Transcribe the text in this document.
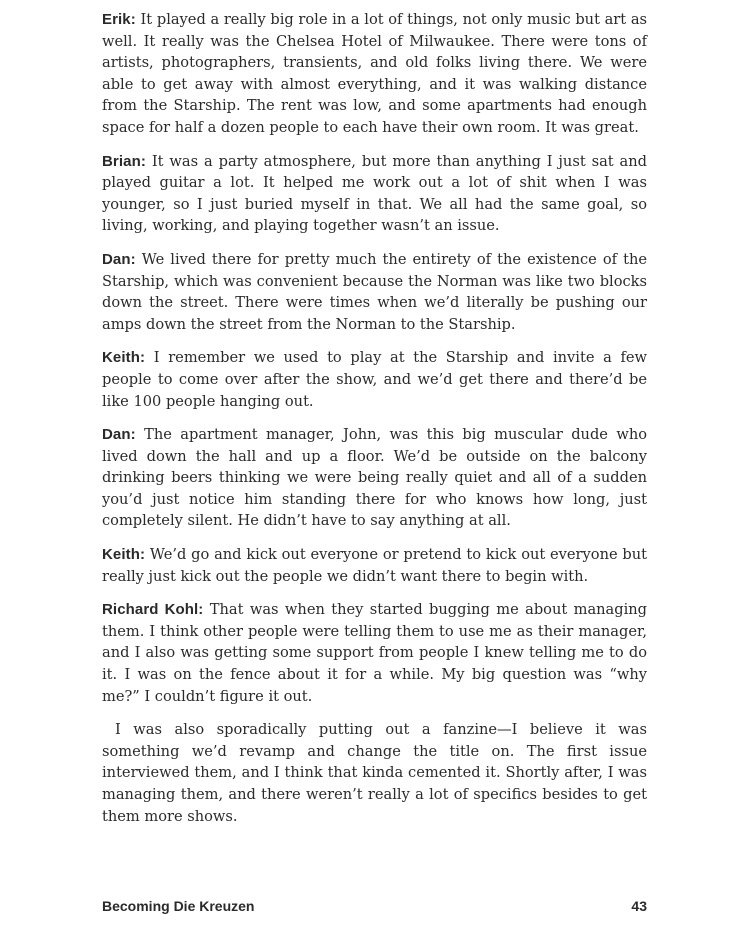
Erik: It played a really big role in a lot of things, not only music but art as well. It really was the Chelsea Hotel of Milwaukee. There were tons of artists, photographers, transients, and old folks living there. We were able to get away with almost everything, and it was walking distance from the Starship. The rent was low, and some apartments had enough space for half a dozen people to each have their own room. It was great.

Brian: It was a party atmosphere, but more than anything I just sat and played guitar a lot. It helped me work out a lot of shit when I was younger, so I just buried myself in that. We all had the same goal, so living, working, and playing together wasn’t an issue.

Dan: We lived there for pretty much the entirety of the existence of the Starship, which was convenient because the Norman was like two blocks down the street. There were times when we’d literally be pushing our amps down the street from the Norman to the Starship.

Keith: I remember we used to play at the Starship and invite a few people to come over after the show, and we’d get there and there’d be like 100 people hanging out.

Dan: The apartment manager, John, was this big muscular dude who lived down the hall and up a floor. We’d be outside on the balcony drinking beers thinking we were being really quiet and all of a sudden you’d just notice him standing there for who knows how long, just completely silent. He didn’t have to say anything at all.

Keith: We’d go and kick out everyone or pretend to kick out everyone but really just kick out the people we didn’t want there to begin with.

Richard Kohl: That was when they started bugging me about managing them. I think other people were telling them to use me as their manager, and I also was getting some support from people I knew telling me to do it. I was on the fence about it for a while. My big question was “why me?” I couldn’t figure it out.

I was also sporadically putting out a fanzine—I believe it was something we’d revamp and change the title on. The first issue interviewed them, and I think that kinda cemented it. Shortly after, I was managing them, and there weren’t really a lot of specifics besides to get them more shows.

Becoming Die Kreuzen	43
